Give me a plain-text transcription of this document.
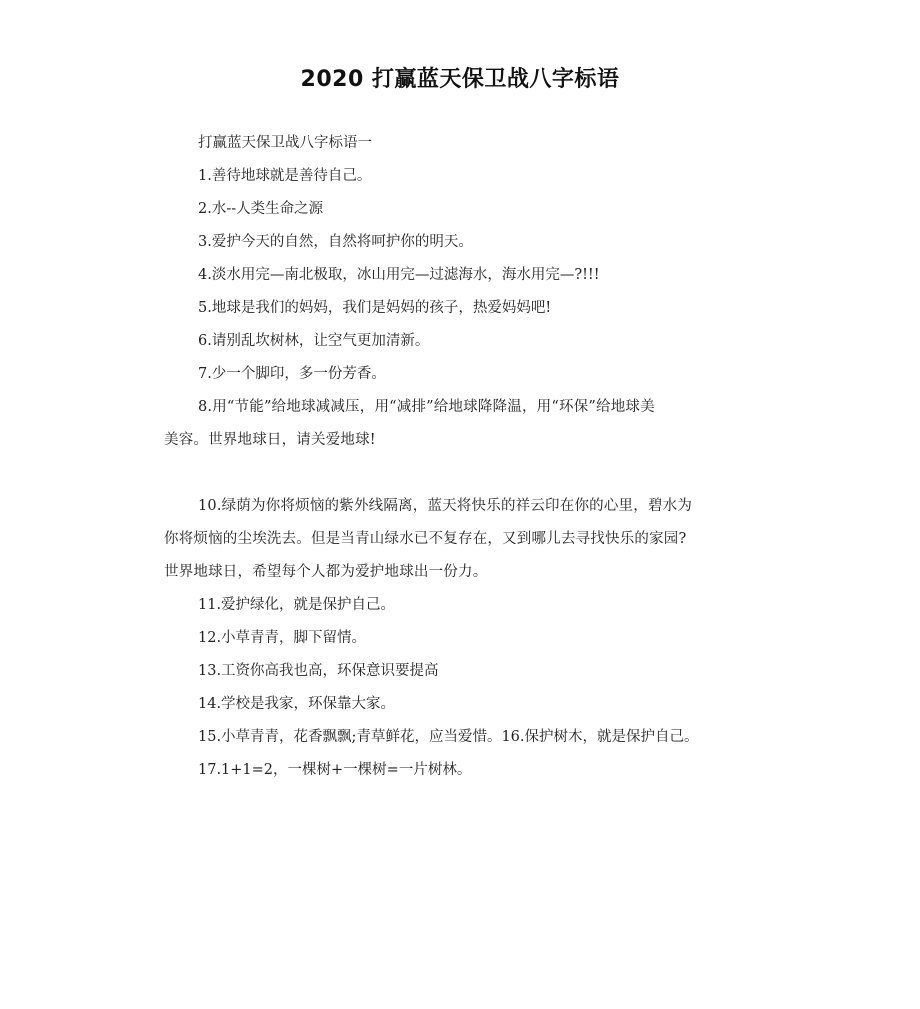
2020 打赢蓝天保卫战八字标语
打赢蓝天保卫战八字标语一
1.善待地球就是善待自己。
2.水--人类生命之源
3.爱护今天的自然，自然将呵护你的明天。
4.淡水用完—南北极取，冰山用完—过滤海水，海水用完—?!!!
5.地球是我们的妈妈，我们是妈妈的孩子，热爱妈妈吧!
6.请别乱坎树林，让空气更加清新。
7.少一个脚印，多一份芳香。
8.用“节能”给地球减减压，用“减排”给地球降降温，用“环保”给地球美
美容。世界地球日，请关爱地球!
10.绿荫为你将烦恼的紫外线隔离，蓝天将快乐的祥云印在你的心里，碧水为
你将烦恼的尘埃洗去。但是当青山绿水已不复存在，又到哪儿去寻找快乐的家园?
世界地球日，希望每个人都为爱护地球出一份力。
11.爱护绿化，就是保护自己。
12.小草青青，脚下留情。
13.工资你高我也高，环保意识要提高
14.学校是我家，环保靠大家。
15.小草青青，花香飘飘;青草鲜花，应当爱惜。16.保护树木，就是保护自己。
17.1+1=2，一棵树+一棵树=一片树林。
